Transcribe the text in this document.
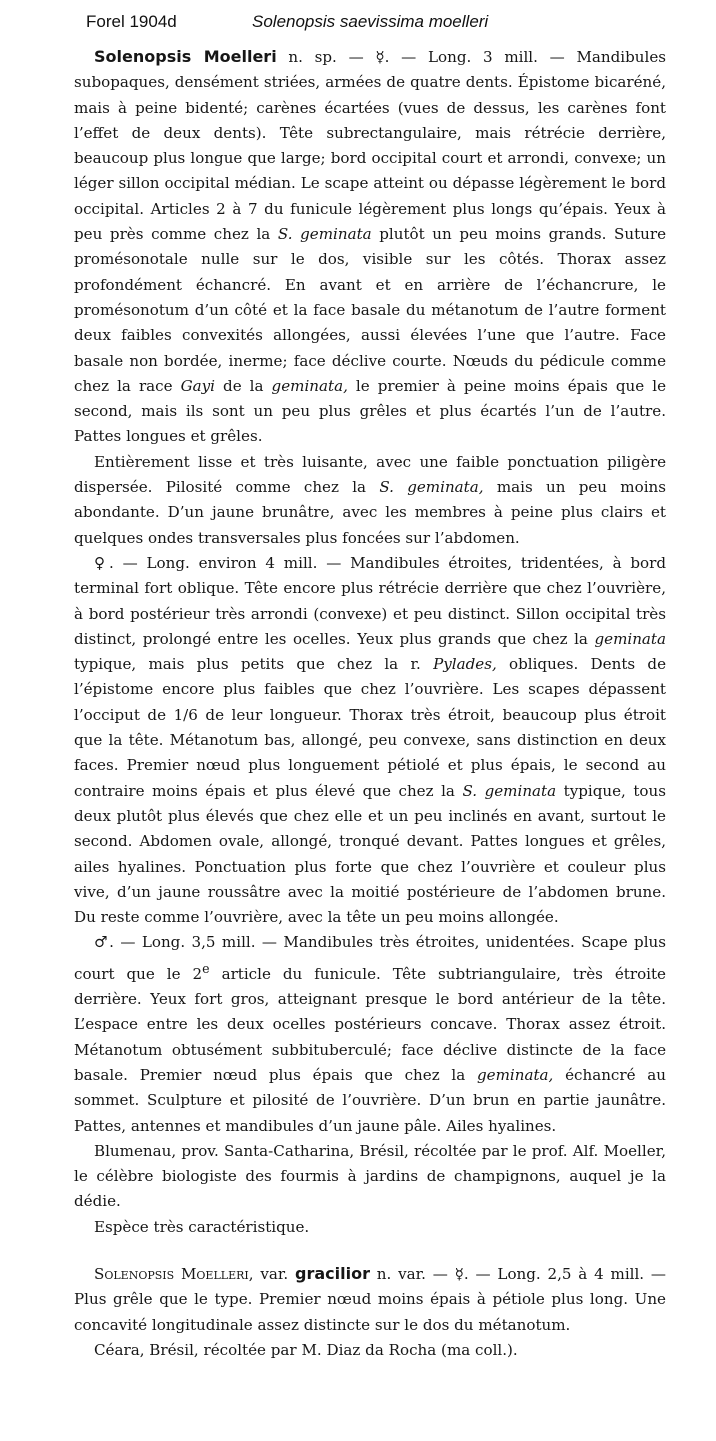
Forel 1904d	Solenopsis saevissima moelleri

Solenopsis Moelleri n. sp. — ☿. — Long. 3 mill. — Mandibules subopaques, densément striées, armées de quatre dents. Épistome bicaréné, mais à peine bidenté; carènes écartées (vues de dessus, les carènes font l’effet de deux dents). Tête subrectangulaire, mais rétrécie derrière, beaucoup plus longue que large; bord occipital court et arrondi, convexe; un léger sillon occipital médian. Le scape atteint ou dépasse légèrement le bord occipital. Articles 2 à 7 du funicule légèrement plus longs qu’épais. Yeux à peu près comme chez la S. geminata plutôt un peu moins grands. Suture promésonotale nulle sur le dos, visible sur les côtés. Thorax assez profondément échancré. En avant et en arrière de l’échancrure, le promésonotum d’un côté et la face basale du métanotum de l’autre forment deux faibles convexités allongées, aussi élevées l’une que l’autre. Face basale non bordée, inerme; face déclive courte. Nœuds du pédicule comme chez la race Gayi de la geminata, le premier à peine moins épais que le second, mais ils sont un peu plus grêles et plus écartés l’un de l’autre. Pattes longues et grêles.

Entièrement lisse et très luisante, avec une faible ponctuation piligère dispersée. Pilosité comme chez la S. geminata, mais un peu moins abondante. D’un jaune brunâtre, avec les membres à peine plus clairs et quelques ondes transversales plus foncées sur l’abdomen.

♀. — Long. environ 4 mill. — Mandibules étroites, tridentées, à bord terminal fort oblique. Tête encore plus rétrécie derrière que chez l’ouvrière, à bord postérieur très arrondi (convexe) et peu distinct. Sillon occipital très distinct, prolongé entre les ocelles. Yeux plus grands que chez la geminata typique, mais plus petits que chez la r. Pylades, obliques. Dents de l’épistome encore plus faibles que chez l’ouvrière. Les scapes dépassent l’occiput de 1/6 de leur longueur. Thorax très étroit, beaucoup plus étroit que la tête. Métanotum bas, allongé, peu convexe, sans distinction en deux faces. Premier nœud plus longuement pétiolé et plus épais, le second au contraire moins épais et plus élevé que chez la S. geminata typique, tous deux plutôt plus élevés que chez elle et un peu inclinés en avant, surtout le second. Abdomen ovale, allongé, tronqué devant. Pattes longues et grêles, ailes hyalines. Ponctuation plus forte que chez l’ouvrière et couleur plus vive, d’un jaune roussâtre avec la moitié postérieure de l’abdomen brune. Du reste comme l’ouvrière, avec la tête un peu moins allongée.

♂. — Long. 3,5 mill. — Mandibules très étroites, unidentées. Scape plus court que le 2e article du funicule. Tête subtriangulaire, très étroite derrière. Yeux fort gros, atteignant presque le bord antérieur de la tête. L’espace entre les deux ocelles postérieurs concave. Thorax assez étroit. Métanotum obtusément subbituberculé; face déclive distincte de la face basale. Premier nœud plus épais que chez la geminata, échancré au sommet. Sculpture et pilosité de l’ouvrière. D’un brun en partie jaunâtre. Pattes, antennes et mandibules d’un jaune pâle. Ailes hyalines.

Blumenau, prov. Santa-Catharina, Brésil, récoltée par le prof. Alf. Moeller, le célèbre biologiste des fourmis à jardins de champignons, auquel je la dédie.

Espèce très caractéristique.

Solenopsis Moelleri, var. gracilior n. var. — ☿. — Long. 2,5 à 4 mill. — Plus grêle que le type. Premier nœud moins épais à pétiole plus long. Une concavité longitudinale assez distincte sur le dos du métanotum.

Céara, Brésil, récoltée par M. Diaz da Rocha (ma coll.).
